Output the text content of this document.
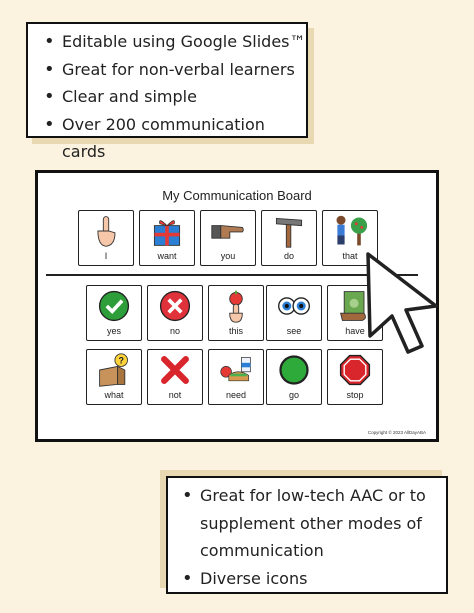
• Editable using Google Slides™
• Great for non-verbal learners
• Clear and simple
• Over 200 communication cards
My Communication Board
I	want	you	do	that
yes	no	this	see	have
?
what	not	need	go	stop
Copyright © 2023 AllDayABA
• Great for low-tech AAC or to supplement other modes of communication
• Diverse icons
